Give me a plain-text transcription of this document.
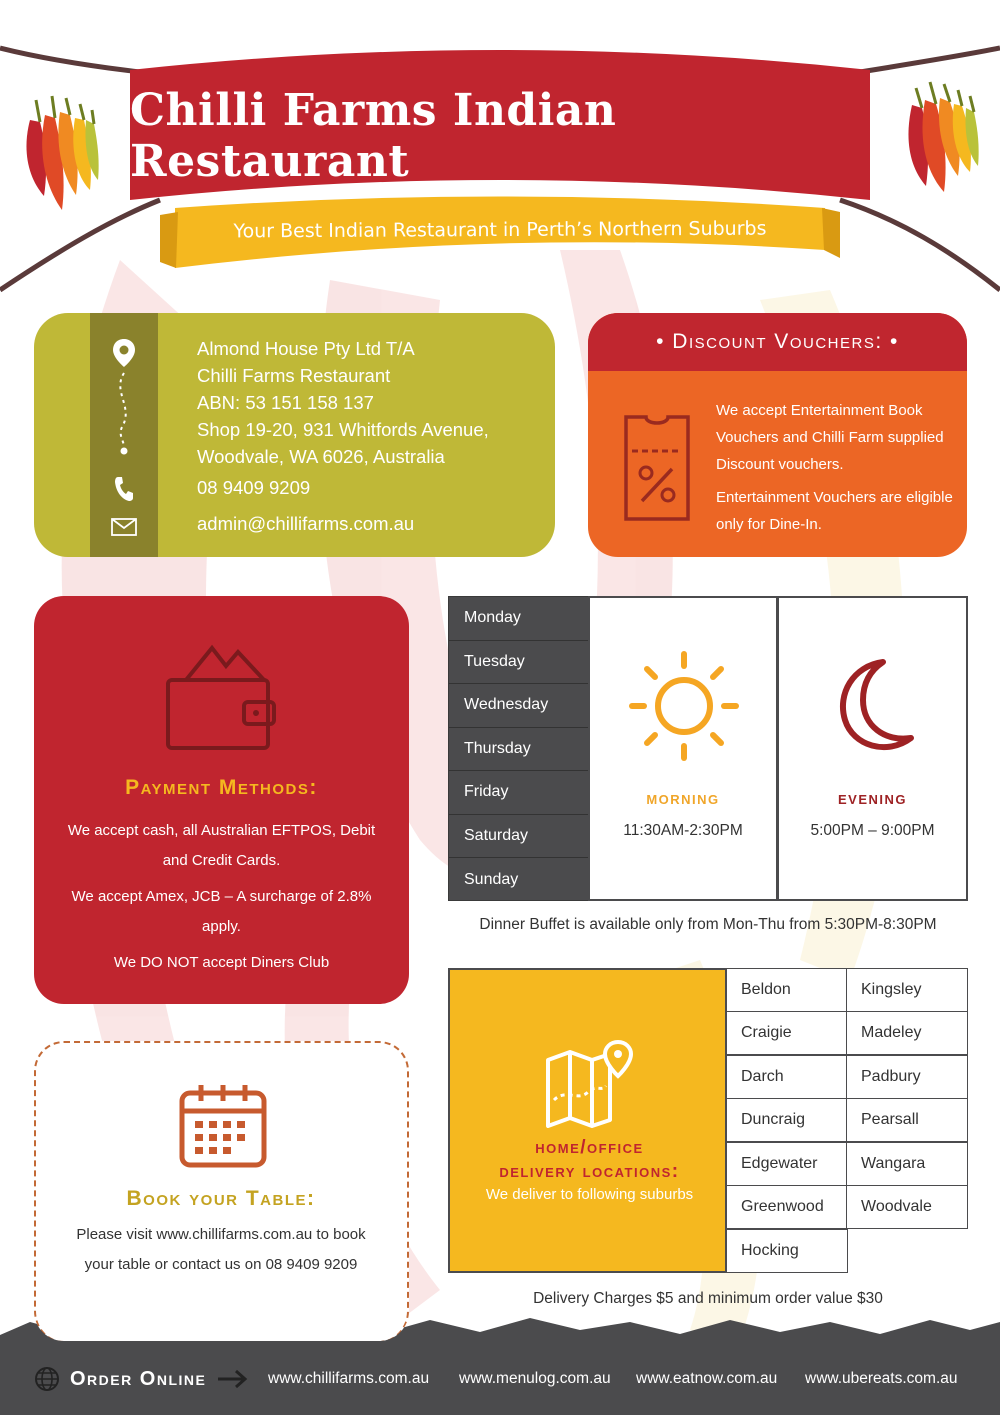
Chilli Farms Indian Restaurant
Your Best Indian Restaurant in Perth’s Northern Suburbs
Almond House Pty Ltd T/A
Chilli Farms Restaurant
ABN: 53 151 158 137
Shop 19-20, 931 Whitfords Avenue,
Woodvale, WA 6026, Australia
08 9409 9209
admin@chillifarms.com.au
• Discount Vouchers: •

We accept Entertainment Book Vouchers and Chilli Farm supplied Discount vouchers.

Entertainment Vouchers are eligible only for Dine-In.

Payment Methods:

We accept cash, all Australian EFTPOS, Debit and Credit Cards.

We accept Amex, JCB – A surcharge of 2.8% apply.

We DO NOT accept Diners Club

Book your Table:
Please visit www.chillifarms.com.au to book your table or contact us on 08 9409 9209
Monday
Tuesday
Wednesday
Thursday
Friday
Saturday
Sunday
morning
11:30AM-2:30PM
evening
5:00PM – 9:00PM
Dinner Buffet is available only from Mon-Thu from 5:30PM-8:30PM
home/office
delivery locations:
We deliver to following suburbs
Beldon
Craigie
Darch
Duncraig
Edgewater
Greenwood
Hocking
Kingsley
Madeley
Padbury
Pearsall
Wangara
Woodvale
Delivery Charges $5 and minimum order value $30
Order Online	www.chillifarms.com.au www.menulog.com.au www.eatnow.com.au www.ubereats.com.au
